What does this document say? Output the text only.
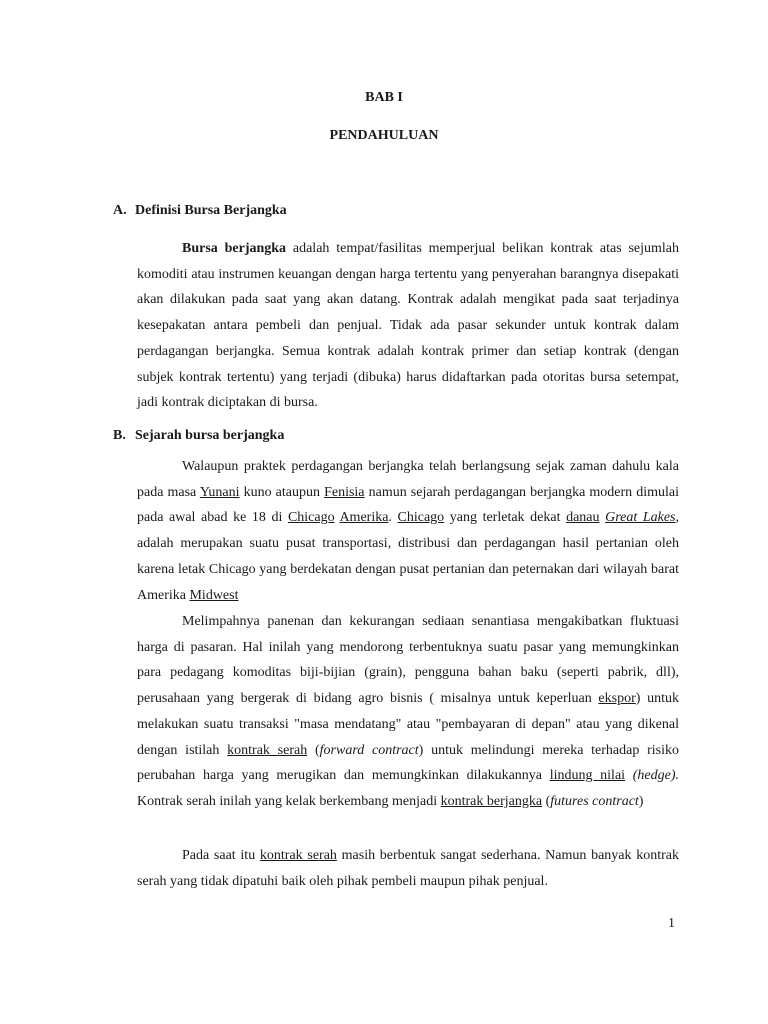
BAB I

PENDAHULUAN

A. Definisi Bursa Berjangka

Bursa berjangka adalah tempat/fasilitas memperjual belikan kontrak atas sejumlah komoditi atau instrumen keuangan dengan harga tertentu yang penyerahan barangnya disepakati akan dilakukan pada saat yang akan datang. Kontrak adalah mengikat pada saat terjadinya kesepakatan antara pembeli dan penjual. Tidak ada pasar sekunder untuk kontrak dalam perdagangan berjangka. Semua kontrak adalah kontrak primer dan setiap kontrak (dengan subjek kontrak tertentu) yang terjadi (dibuka) harus didaftarkan pada otoritas bursa setempat, jadi kontrak diciptakan di bursa.

B. Sejarah bursa berjangka

Walaupun praktek perdagangan berjangka telah berlangsung sejak zaman dahulu kala pada masa Yunani kuno ataupun Fenisia namun sejarah perdagangan berjangka modern dimulai pada awal abad ke 18 di Chicago Amerika. Chicago yang terletak dekat danau Great Lakes, adalah merupakan suatu pusat transportasi, distribusi dan perdagangan hasil pertanian oleh karena letak Chicago yang berdekatan dengan pusat pertanian dan peternakan dari wilayah barat Amerika Midwest

Melimpahnya panenan dan kekurangan sediaan senantiasa mengakibatkan fluktuasi harga di pasaran. Hal inilah yang mendorong terbentuknya suatu pasar yang memungkinkan para pedagang komoditas biji-bijian (grain), pengguna bahan baku (seperti pabrik, dll), perusahaan yang bergerak di bidang agro bisnis ( misalnya untuk keperluan ekspor) untuk melakukan suatu transaksi "masa mendatang" atau "pembayaran di depan" atau yang dikenal dengan istilah kontrak serah (forward contract) untuk melindungi mereka terhadap risiko perubahan harga yang merugikan dan memungkinkan dilakukannya lindung nilai (hedge). Kontrak serah inilah yang kelak berkembang menjadi kontrak berjangka (futures contract)

Pada saat itu kontrak serah masih berbentuk sangat sederhana. Namun banyak kontrak serah yang tidak dipatuhi baik oleh pihak pembeli maupun pihak penjual.

1
